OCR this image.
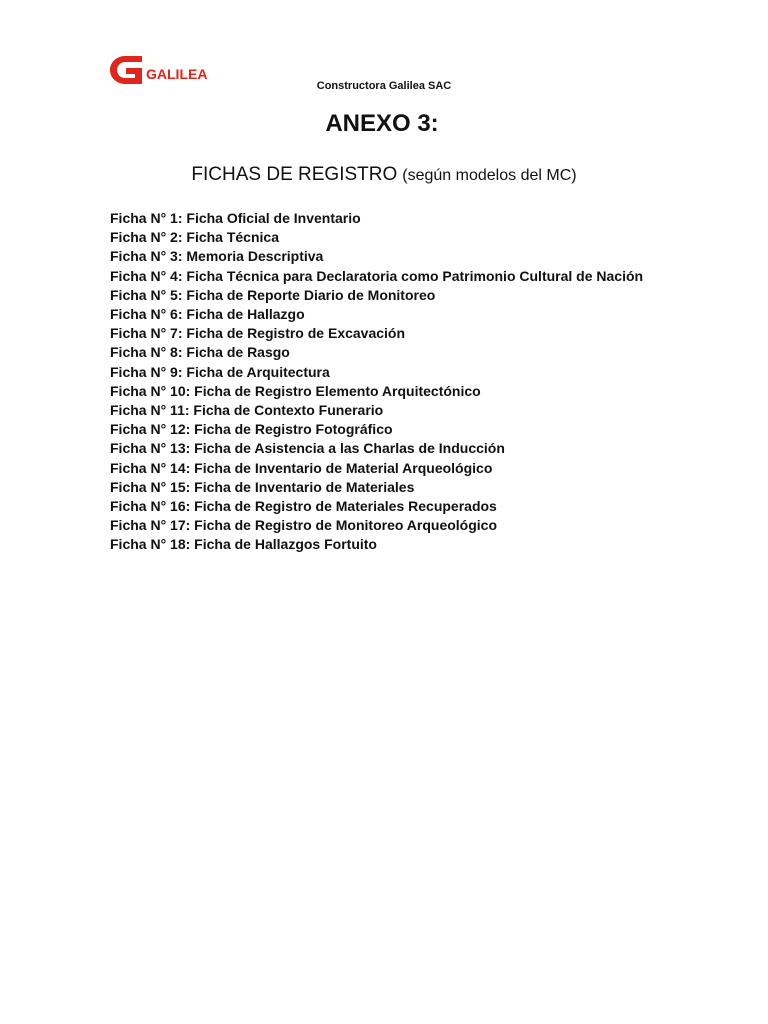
GALILEA
Constructora Galilea SAC
ANEXO 3:
FICHAS DE REGISTRO (según modelos del MC)
Ficha N° 1: Ficha Oficial de Inventario
Ficha N° 2: Ficha Técnica
Ficha N° 3: Memoria Descriptiva
Ficha N° 4: Ficha Técnica para Declaratoria como Patrimonio Cultural de Nación
Ficha N° 5: Ficha de Reporte Diario de Monitoreo
Ficha N° 6: Ficha de Hallazgo
Ficha N° 7: Ficha de Registro de Excavación
Ficha N° 8: Ficha de Rasgo
Ficha N° 9: Ficha de Arquitectura
Ficha N° 10: Ficha de Registro Elemento Arquitectónico
Ficha N° 11: Ficha de Contexto Funerario
Ficha N° 12: Ficha de Registro Fotográfico
Ficha N° 13: Ficha de Asistencia a las Charlas de Inducción
Ficha N° 14: Ficha de Inventario de Material Arqueológico
Ficha N° 15: Ficha de Inventario de Materiales
Ficha N° 16: Ficha de Registro de Materiales Recuperados
Ficha N° 17: Ficha de Registro de Monitoreo Arqueológico
Ficha N° 18: Ficha de Hallazgos Fortuito
